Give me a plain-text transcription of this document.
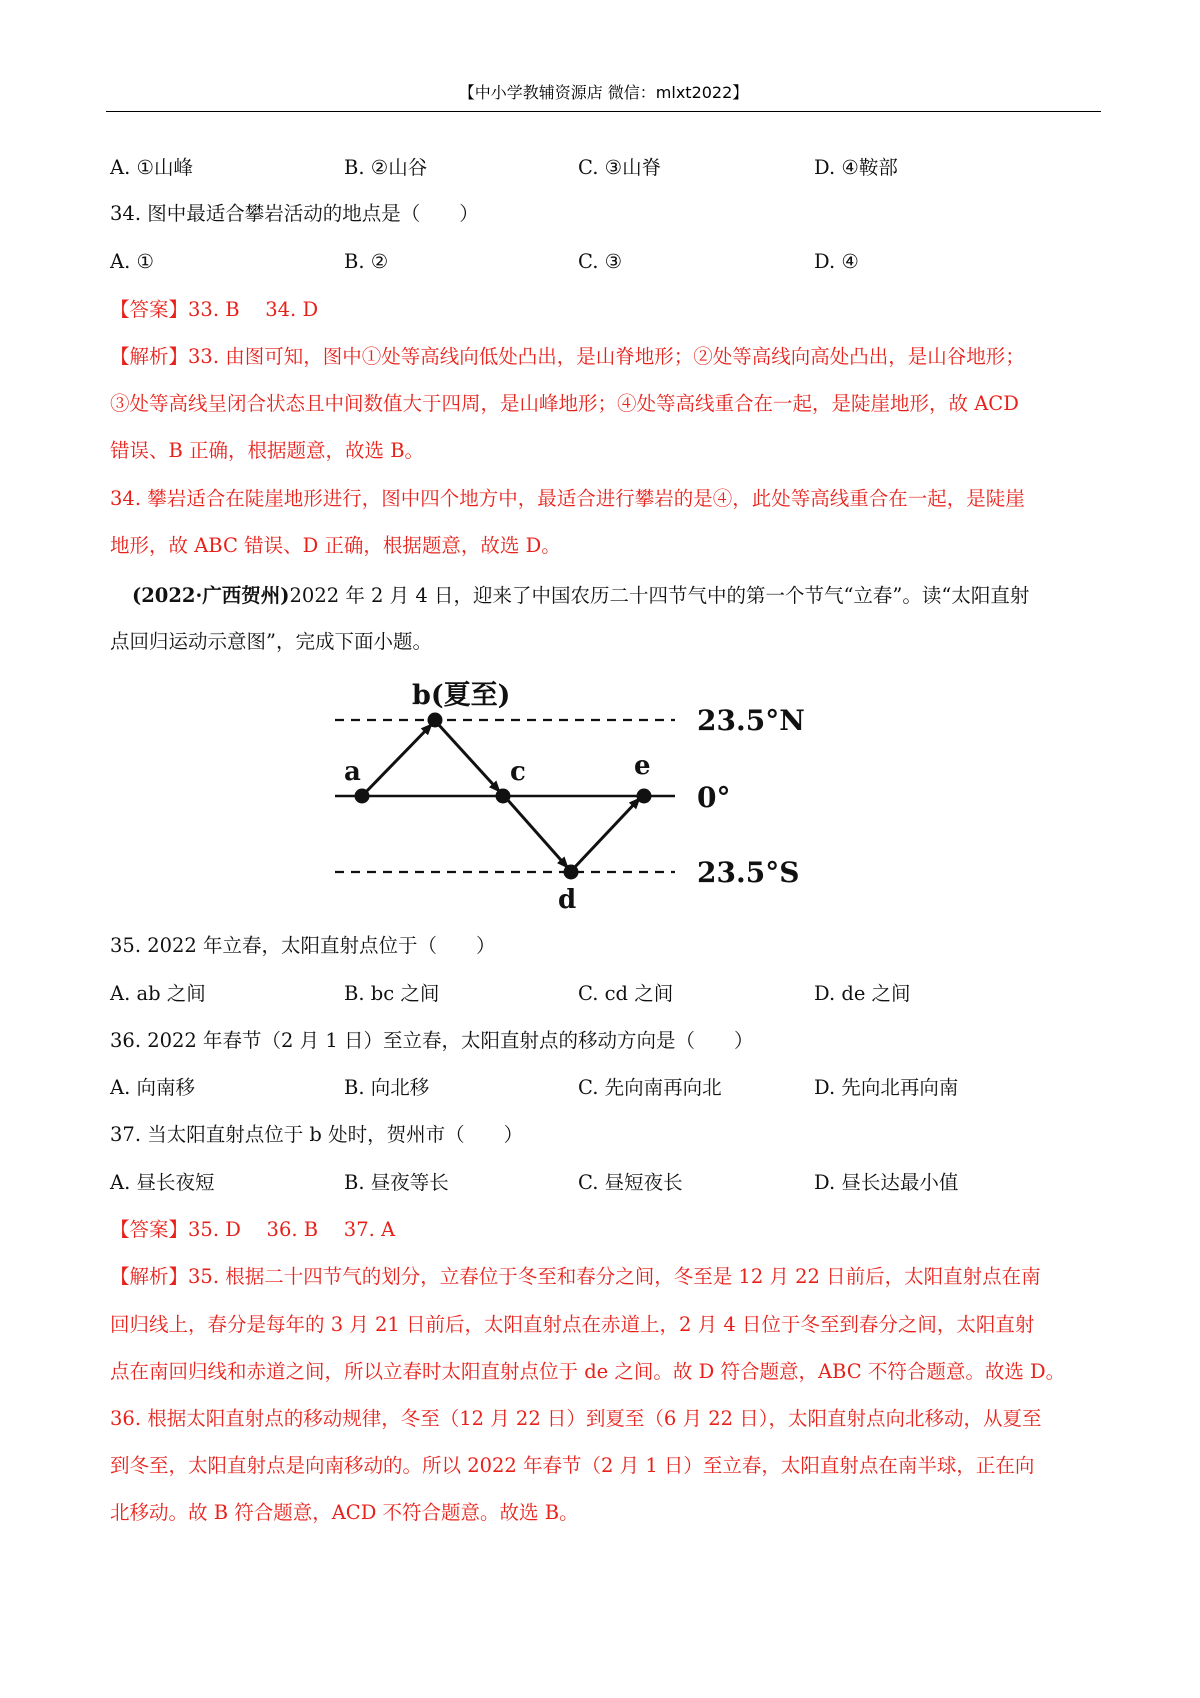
【中小学教辅资源店 微信：mlxt2022】
A. ①山峰	B. ②山谷	C. ③山脊	D. ④鞍部
34. 图中最适合攀岩活动的地点是（　　）
A. ①	B. ②	C. ③	D. ④
【答案】33. B　 34. D
【解析】33. 由图可知，图中①处等高线向低处凸出，是山脊地形；②处等高线向高处凸出，是山谷地形；
③处等高线呈闭合状态且中间数值大于四周，是山峰地形；④处等高线重合在一起，是陡崖地形，故 ACD
错误、B 正确，根据题意，故选 B。
34. 攀岩适合在陡崖地形进行，图中四个地方中，最适合进行攀岩的是④，此处等高线重合在一起，是陡崖
地形，故 ABC 错误、D 正确，根据题意，故选 D。
(2022·广西贺州)2022 年 2 月 4 日，迎来了中国农历二十四节气中的第一个节气“立春”。读“太阳直射
点回归运动示意图”，完成下面小题。
a
b(夏至)
c
d
e
23.5°N
0°
23.5°S
35. 2022 年立春，太阳直射点位于（　　）
A. ab 之间	B. bc 之间	C. cd 之间	D. de 之间
36. 2022 年春节（2 月 1 日）至立春，太阳直射点的移动方向是（　　）
A. 向南移	B. 向北移	C. 先向南再向北	D. 先向北再向南
37. 当太阳直射点位于 b 处时，贺州市（　　）
A. 昼长夜短	B. 昼夜等长	C. 昼短夜长	D. 昼长达最小值
【答案】35. D　 36. B　 37. A
【解析】35. 根据二十四节气的划分，立春位于冬至和春分之间，冬至是 12 月 22 日前后，太阳直射点在南
回归线上，春分是每年的 3 月 21 日前后，太阳直射点在赤道上，2 月 4 日位于冬至到春分之间，太阳直射
点在南回归线和赤道之间，所以立春时太阳直射点位于 de 之间。故 D 符合题意，ABC 不符合题意。故选 D。
36. 根据太阳直射点的移动规律，冬至（12 月 22 日）到夏至（6 月 22 日），太阳直射点向北移动，从夏至
到冬至，太阳直射点是向南移动的。所以 2022 年春节（2 月 1 日）至立春，太阳直射点在南半球，正在向
北移动。故 B 符合题意，ACD 不符合题意。故选 B。
